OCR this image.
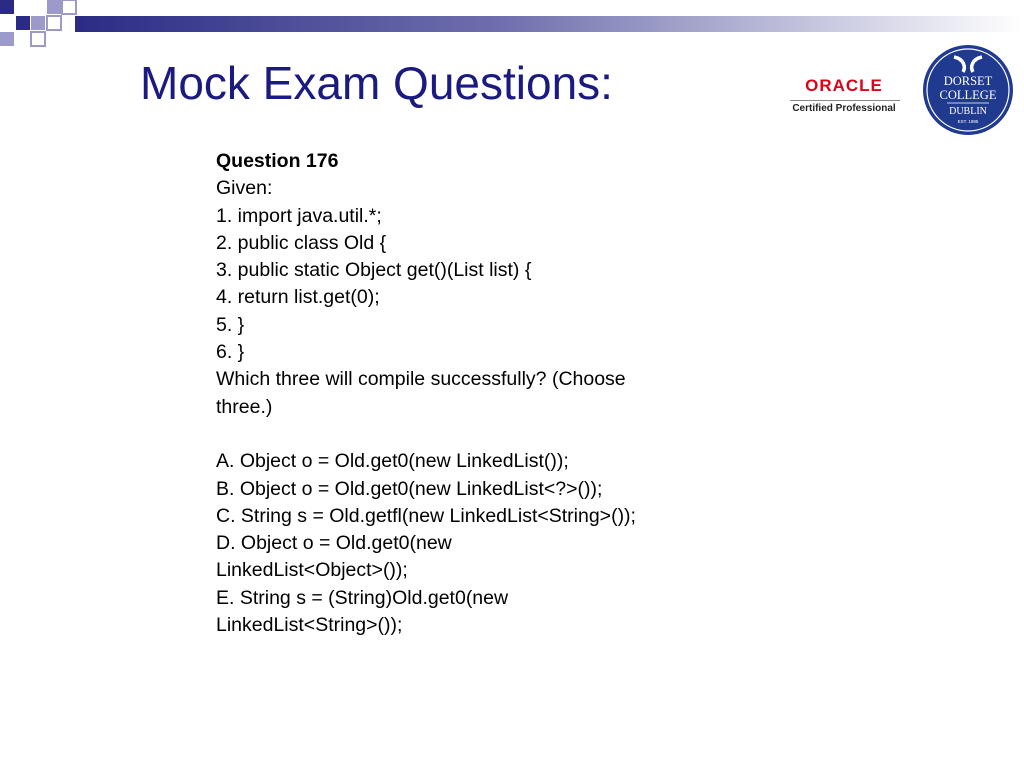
Mock Exam Questions:	ORACLE
Certified Professional
DORSET
COLLEGE
DUBLIN
EST. 1985
Question 176
Given:
1. import java.util.*;
2. public class Old {
3. public static Object get()(List list) {
4. return list.get(0);
5. }
6. }
Which three will compile successfully? (Choose
three.)
A. Object o = Old.get0(new LinkedList());
B. Object o = Old.get0(new LinkedList<?>());
C. String s = Old.getfl(new LinkedList<String>());
D. Object o = Old.get0(new
LinkedList<Object>());
E. String s = (String)Old.get0(new
LinkedList<String>());
